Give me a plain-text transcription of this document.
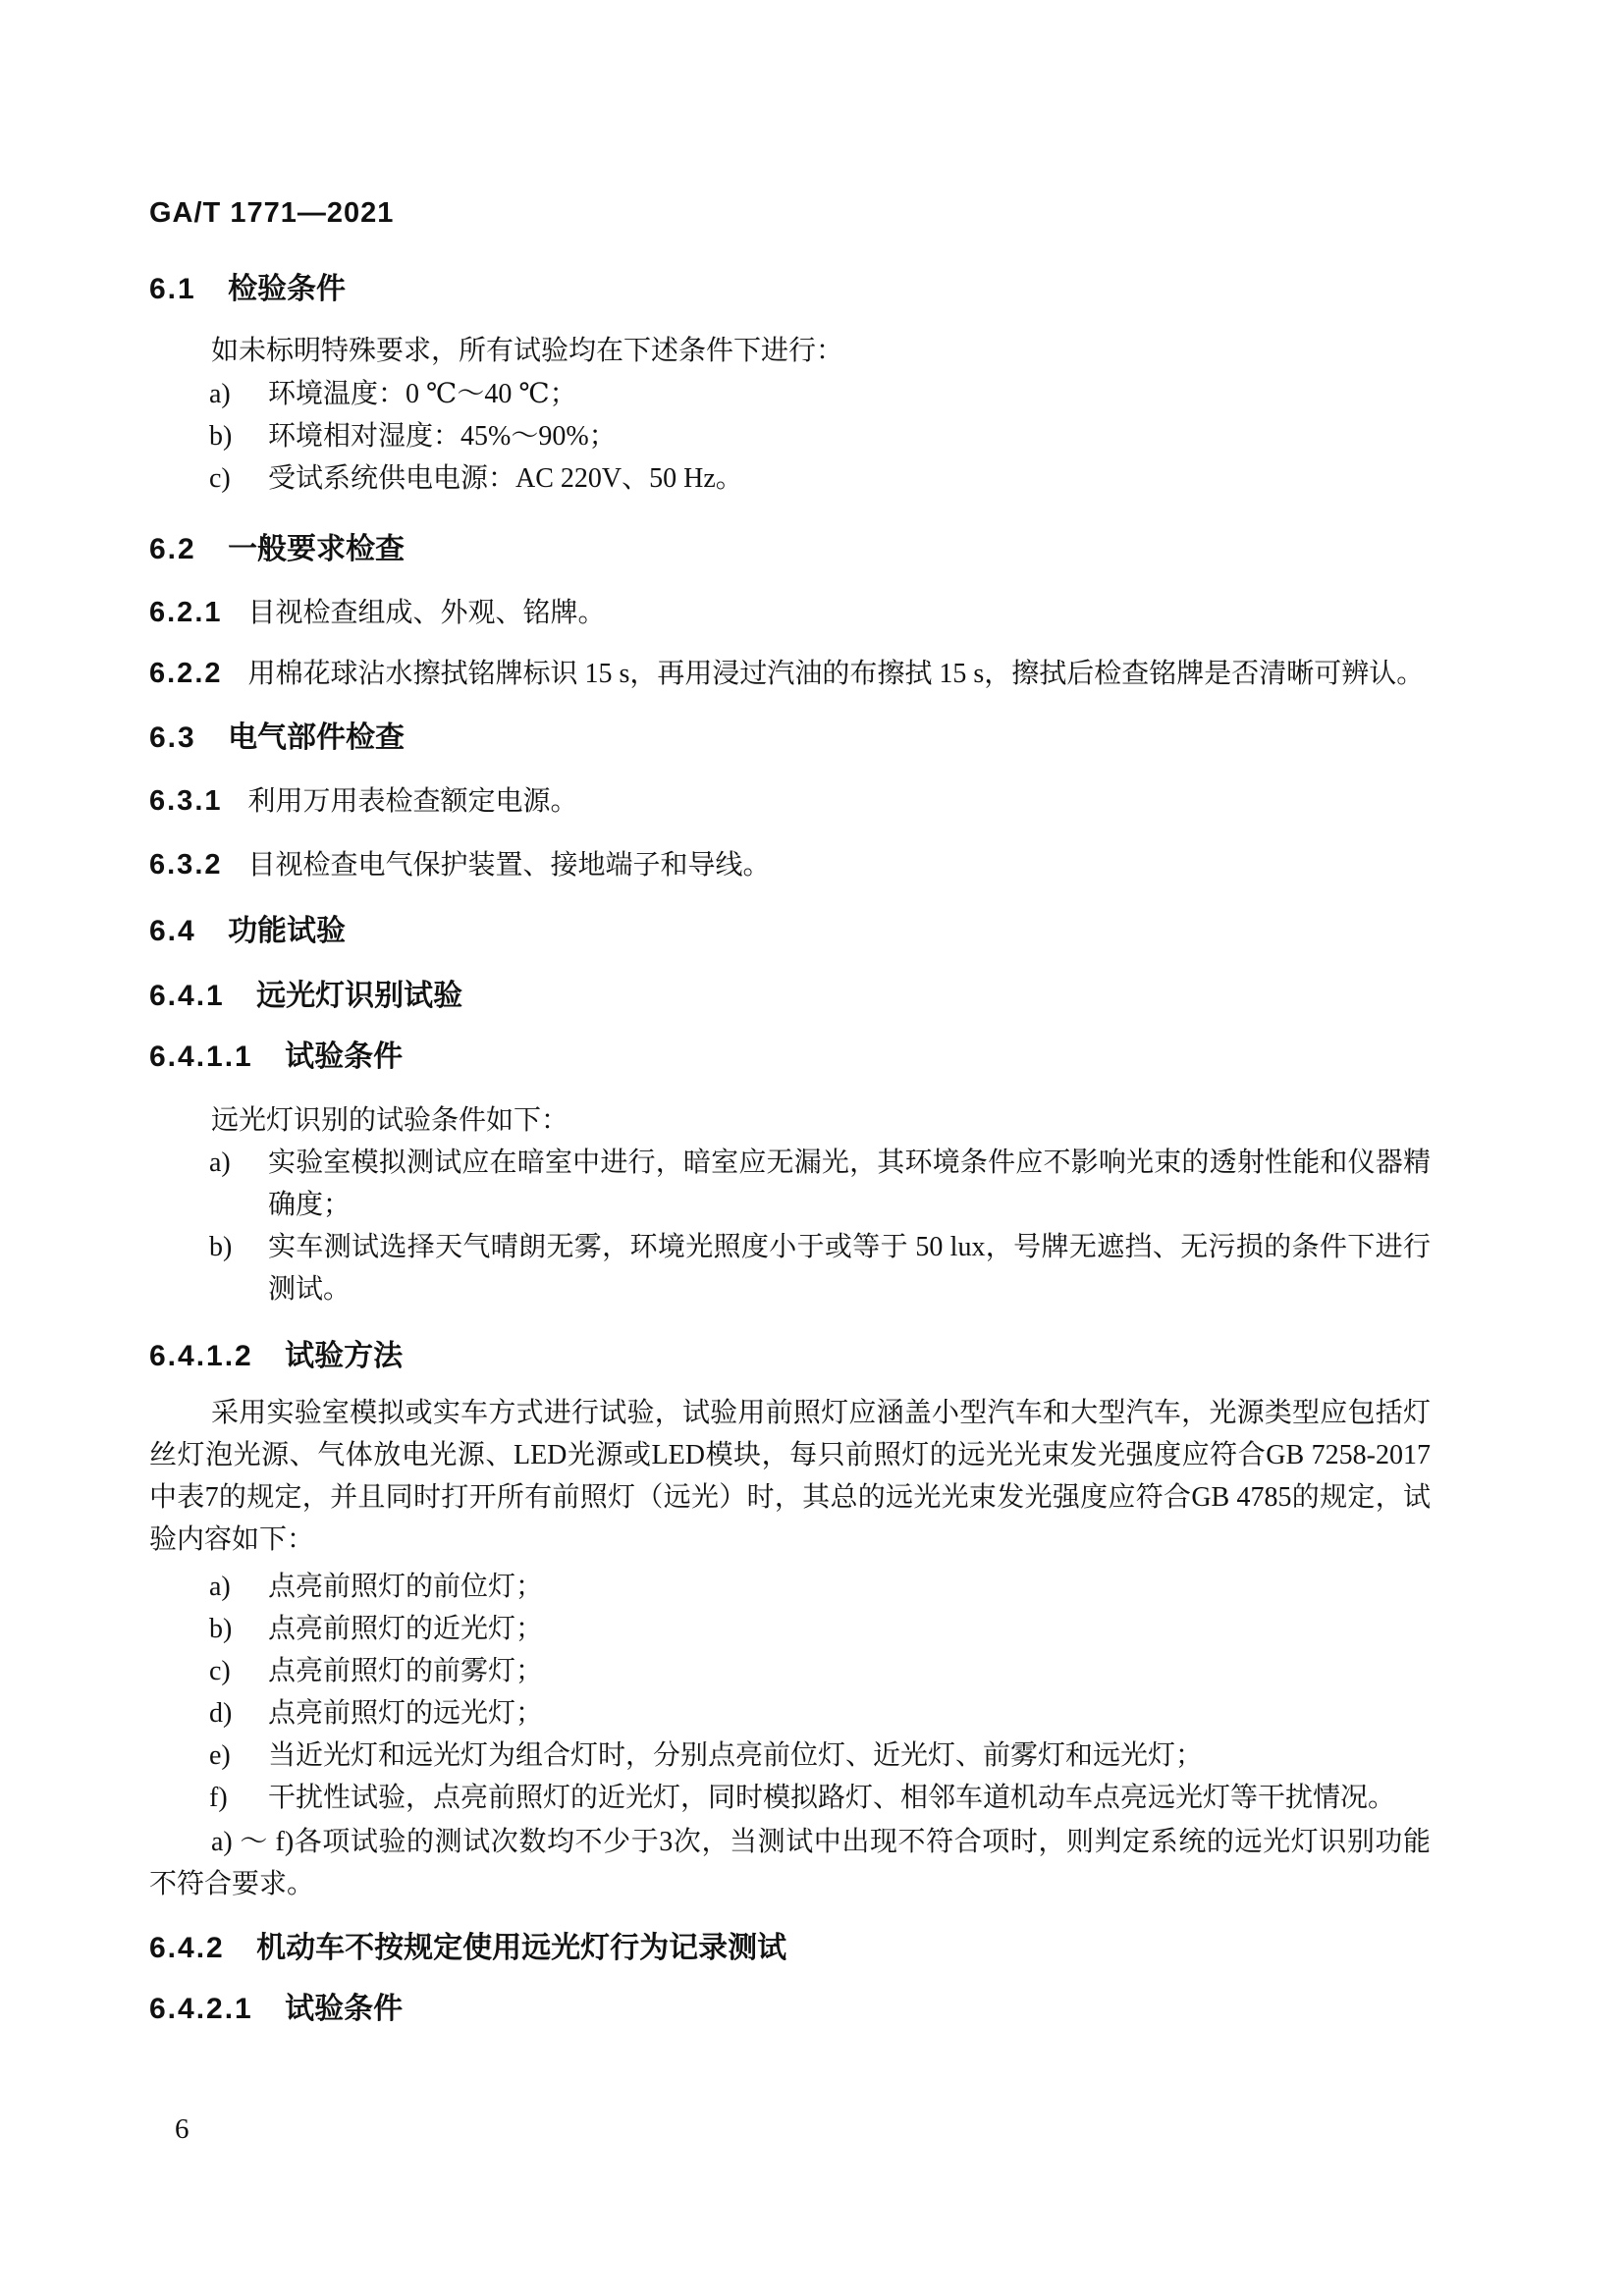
GA/T 1771—2021
6.1 检验条件

如未标明特殊要求，所有试验均在下述条件下进行：

a)	环境温度：0 ℃～40 ℃；
b)	环境相对湿度：45%～90%；
c)	受试系统供电电源：AC 220V、50 Hz。
6.2 一般要求检查

6.2.1 目视检查组成、外观、铭牌。

6.2.2 用棉花球沾水擦拭铭牌标识 15 s，再用浸过汽油的布擦拭 15 s，擦拭后检查铭牌是否清晰可辨认。

6.3 电气部件检查

6.3.1 利用万用表检查额定电源。

6.3.2 目视检查电气保护装置、接地端子和导线。

6.4 功能试验
6.4.1 远光灯识别试验
6.4.1.1 试验条件

远光灯识别的试验条件如下：

a)	实验室模拟测试应在暗室中进行，暗室应无漏光，其环境条件应不影响光束的透射性能和仪器精确度；
b)	实车测试选择天气晴朗无雾，环境光照度小于或等于 50 lux，号牌无遮挡、无污损的条件下进行测试。
6.4.1.2 试验方法

采用实验室模拟或实车方式进行试验，试验用前照灯应涵盖小型汽车和大型汽车，光源类型应包括灯丝灯泡光源、气体放电光源、LED光源或LED模块，每只前照灯的远光光束发光强度应符合GB 7258-2017中表7的规定，并且同时打开所有前照灯（远光）时，其总的远光光束发光强度应符合GB 4785的规定，试验内容如下：

a)	点亮前照灯的前位灯；
b)	点亮前照灯的近光灯；
c)	点亮前照灯的前雾灯；
d)	点亮前照灯的远光灯；
e)	当近光灯和远光灯为组合灯时，分别点亮前位灯、近光灯、前雾灯和远光灯；
f)	干扰性试验，点亮前照灯的近光灯，同时模拟路灯、相邻车道机动车点亮远光灯等干扰情况。

a) ～ f)各项试验的测试次数均不少于3次，当测试中出现不符合项时，则判定系统的远光灯识别功能不符合要求。

6.4.2 机动车不按规定使用远光灯行为记录测试
6.4.2.1 试验条件
6
